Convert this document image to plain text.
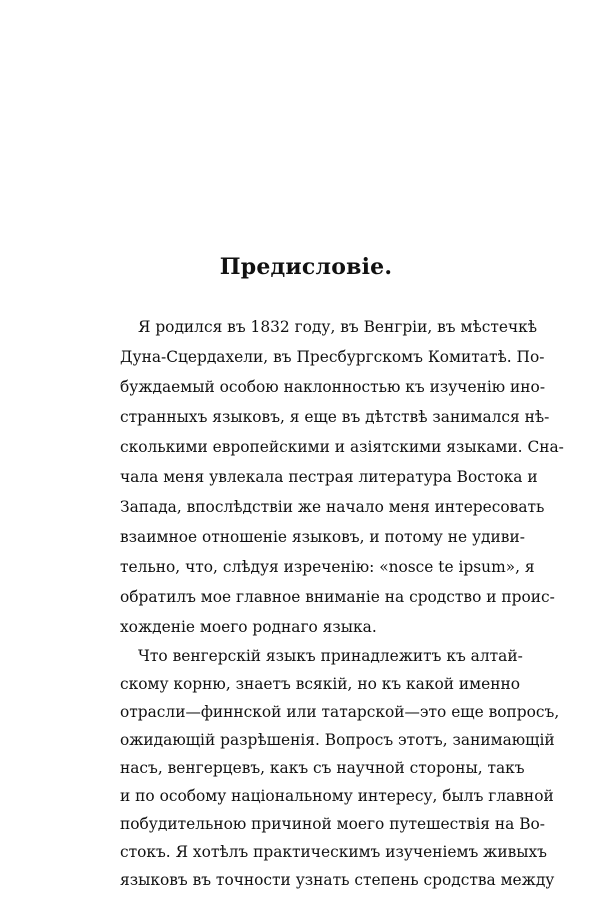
Предисловіе.
Я родился въ 1832 году, въ Венгріи, въ мѣстечкѣ
Дуна-Сцердахели, въ Пресбургскомъ Комитатѣ. По-
буждаемый особою наклонностью къ изученію ино-
странныхъ языковъ, я еще въ дѣтствѣ занимался нѣ-
сколькими европейскими и азіятскими языками. Сна-
чала меня увлекала пестрая литература Востока и
Запада, впослѣдствіи же начало меня интересовать
взаимное отношеніе языковъ, и потому не удиви-
тельно, что, слѣдуя изреченію: «nosce te ipsum», я
обратилъ мое главное вниманіе на сродство и проис-
хожденіе моего роднаго языка.
Что венгерскій языкъ принадлежитъ къ алтай-
скому корню, знаетъ всякій, но къ какой именно
отрасли—финнской или татарской—это еще вопросъ,
ожидающій разрѣшенія. Вопросъ этотъ, занимающій
насъ, венгерцевъ, какъ съ научной стороны, такъ
и по особому національному интересу, былъ главной
побудительною причиной моего путешествія на Во-
стокъ. Я хотѣлъ практическимъ изученіемъ живыхъ
языковъ въ точности узнать степень сродства между
